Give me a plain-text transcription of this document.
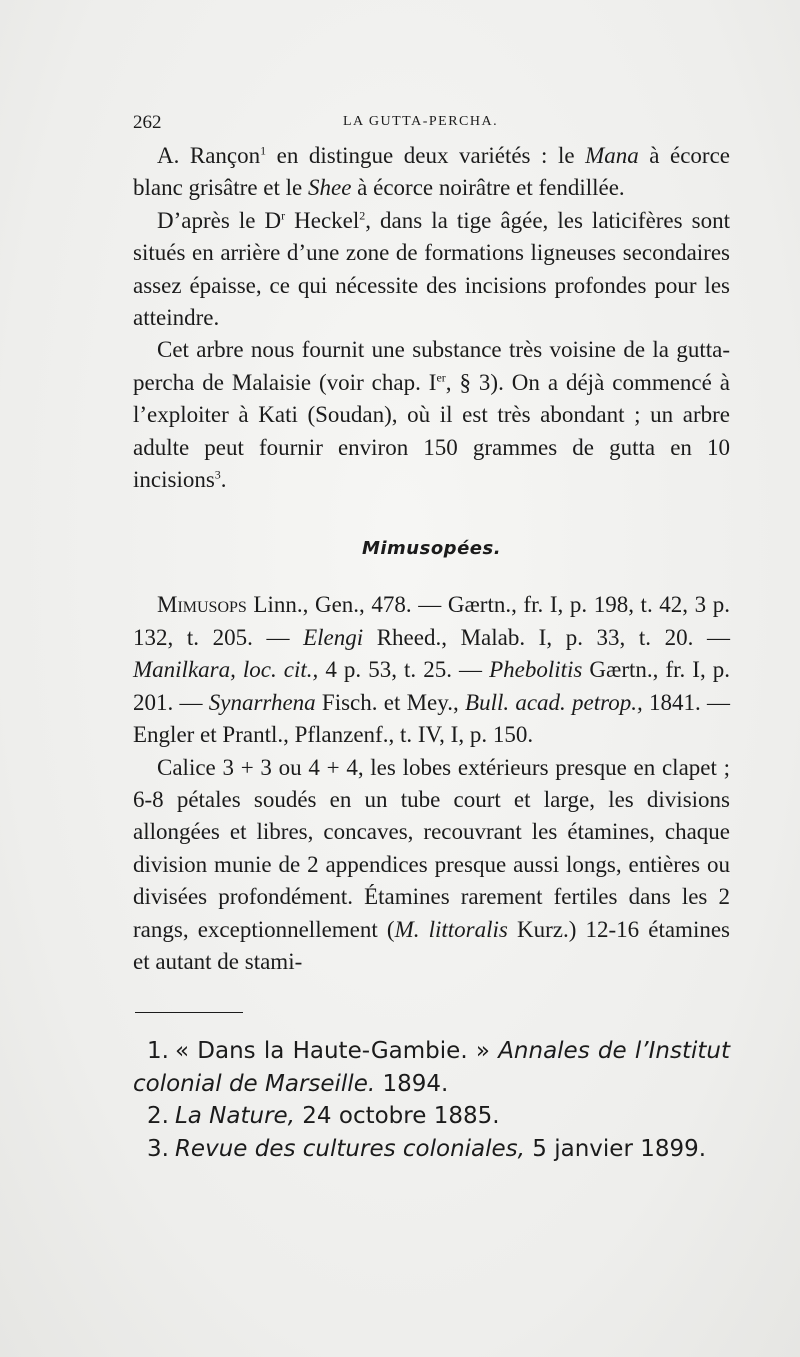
262	LA GUTTA-PERCHA.

A. Rançon$^1$ en distingue deux variétés : le Mana à écorce blanc grisâtre et le Shee à écorce noirâtre et fendillée.

D’après le $D^r$ Heckel$^2$, dans la tige âgée, les laticifères sont situés en arrière d’une zone de formations ligneuses secondaires assez épaisse, ce qui nécessite des incisions profondes pour les atteindre.

Cet arbre nous fournit une substance très voisine de la gutta-percha de Malaisie (voir chap. Ier, § 3). On a déjà commencé à l’exploiter à Kati (Soudan), où il est très abondant ; un arbre adulte peut fournir environ 150 grammes de gutta en 10 incisions$^3$.

Mimusopées.

Mimusops Linn., Gen., 478. — Gærtn., fr. I, p. 198, t. 42, 3 p. 132, t. 205. — Elengi Rheed., Malab. I, p. 33, t. 20. — Manilkara, loc. cit., 4 p. 53, t. 25. — Phebolitis Gærtn., fr. I, p. 201. — Synarrhena Fisch. et Mey., Bull. acad. petrop., 1841. — Engler et Prantl., Pflanzenf., t. IV, I, p. 150.

Calice 3 + 3 ou 4 + 4, les lobes extérieurs presque en clapet ; 6-8 pétales soudés en un tube court et large, les divisions allongées et libres, concaves, recouvrant les étamines, chaque division munie de 2 appendices presque aussi longs, entières ou divisées profondément. Étamines rarement fertiles dans les 2 rangs, exceptionnellement (M. littoralis Kurz.) 12-16 étamines et autant de stami-

1. « Dans la Haute-Gambie. » Annales de l’Institut colonial de Marseille. 1894.

2. La Nature, 24 octobre 1885.

3. Revue des cultures coloniales, 5 janvier 1899.
